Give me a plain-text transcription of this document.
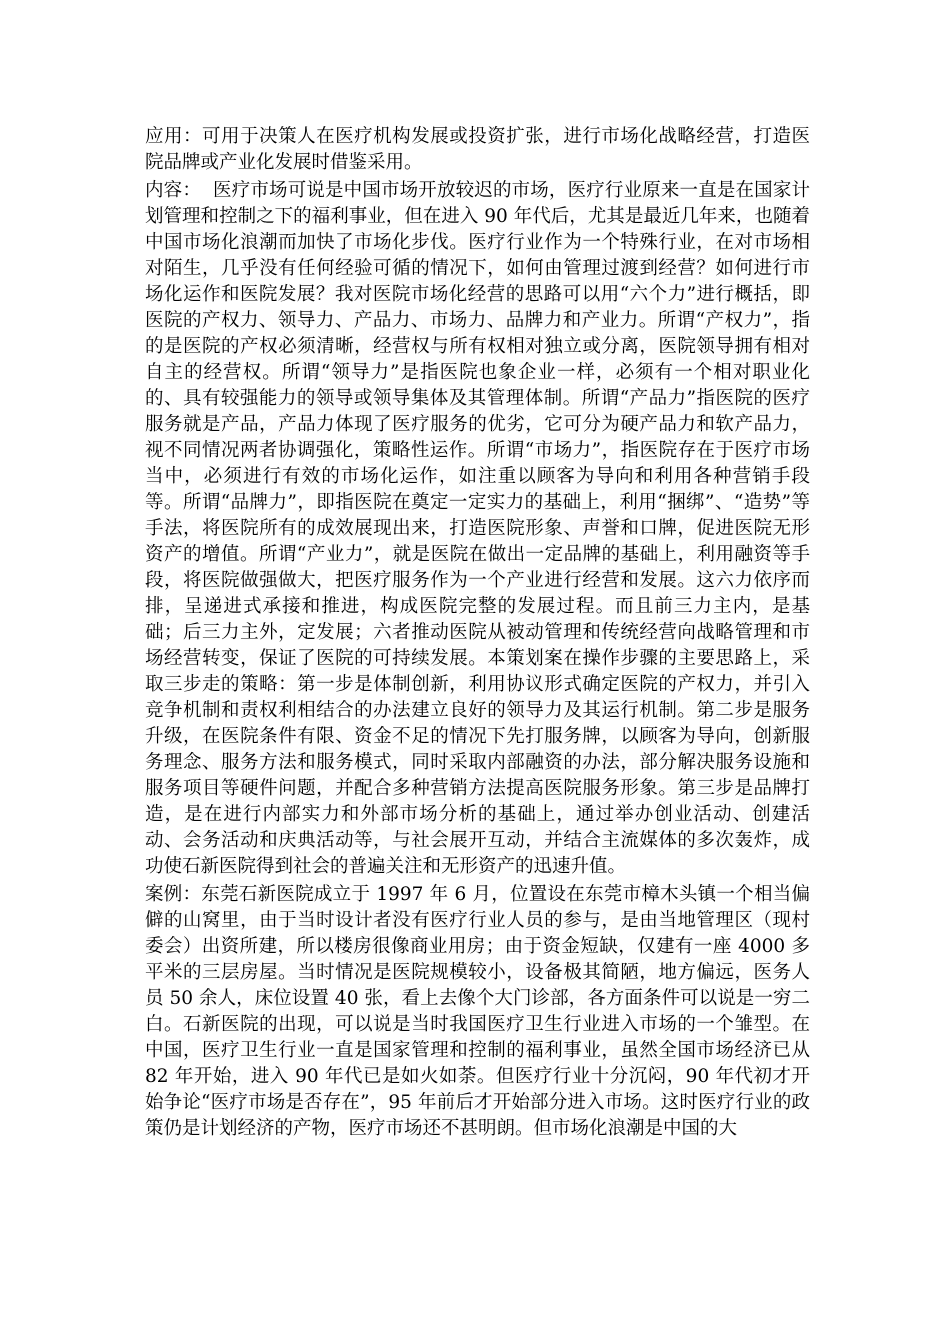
应用：可用于决策人在医疗机构发展或投资扩张，进行市场化战略经营，打造医院品牌或产业化发展时借鉴采用。

内容：  医疗市场可说是中国市场开放较迟的市场，医疗行业原来一直是在国家计划管理和控制之下的福利事业，但在进入 90 年代后，尤其是最近几年来，也随着中国市场化浪潮而加快了市场化步伐。医疗行业作为一个特殊行业，在对市场相对陌生，几乎没有任何经验可循的情况下，如何由管理过渡到经营？如何进行市场化运作和医院发展？我对医院市场化经营的思路可以用“六个力”进行概括，即医院的产权力、领导力、产品力、市场力、品牌力和产业力。所谓“产权力”，指的是医院的产权必须清晰，经营权与所有权相对独立或分离，医院领导拥有相对自主的经营权。所谓“领导力”是指医院也象企业一样，必须有一个相对职业化的、具有较强能力的领导或领导集体及其管理体制。所谓“产品力”指医院的医疗服务就是产品，产品力体现了医疗服务的优劣，它可分为硬产品力和软产品力，视不同情况两者协调强化，策略性运作。所谓“市场力”，指医院存在于医疗市场当中，必须进行有效的市场化运作，如注重以顾客为导向和利用各种营销手段等。所谓“品牌力”，即指医院在奠定一定实力的基础上，利用“捆绑”、“造势”等手法，将医院所有的成效展现出来，打造医院形象、声誉和口牌，促进医院无形资产的增值。所谓“产业力”，就是医院在做出一定品牌的基础上，利用融资等手段，将医院做强做大，把医疗服务作为一个产业进行经营和发展。这六力依序而排，呈递进式承接和推进，构成医院完整的发展过程。而且前三力主内，是基础；后三力主外，定发展；六者推动医院从被动管理和传统经营向战略管理和市场经营转变，保证了医院的可持续发展。本策划案在操作步骤的主要思路上，采取三步走的策略：第一步是体制创新，利用协议形式确定医院的产权力，并引入竞争机制和责权利相结合的办法建立良好的领导力及其运行机制。第二步是服务升级，在医院条件有限、资金不足的情况下先打服务牌，以顾客为导向，创新服务理念、服务方法和服务模式，同时采取内部融资的办法，部分解决服务设施和服务项目等硬件问题，并配合多种营销方法提高医院服务形象。第三步是品牌打造，是在进行内部实力和外部市场分析的基础上，通过举办创业活动、创建活动、会务活动和庆典活动等，与社会展开互动，并结合主流媒体的多次轰炸，成功使石新医院得到社会的普遍关注和无形资产的迅速升值。

案例：东莞石新医院成立于 1997 年 6 月，位置设在东莞市樟木头镇一个相当偏僻的山窝里，由于当时设计者没有医疗行业人员的参与，是由当地管理区（现村委会）出资所建，所以楼房很像商业用房；由于资金短缺，仅建有一座 4000 多平米的三层房屋。当时情况是医院规模较小，设备极其简陋，地方偏远，医务人员 50 余人，床位设置 40 张，看上去像个大门诊部，各方面条件可以说是一穷二白。石新医院的出现，可以说是当时我国医疗卫生行业进入市场的一个雏型。在中国，医疗卫生行业一直是国家管理和控制的福利事业，虽然全国市场经济已从 82 年开始，进入 90 年代已是如火如荼。但医疗行业十分沉闷，90 年代初才开始争论“医疗市场是否存在”，95 年前后才开始部分进入市场。这时医疗行业的政策仍是计划经济的产物，医疗市场还不甚明朗。但市场化浪潮是中国的大
